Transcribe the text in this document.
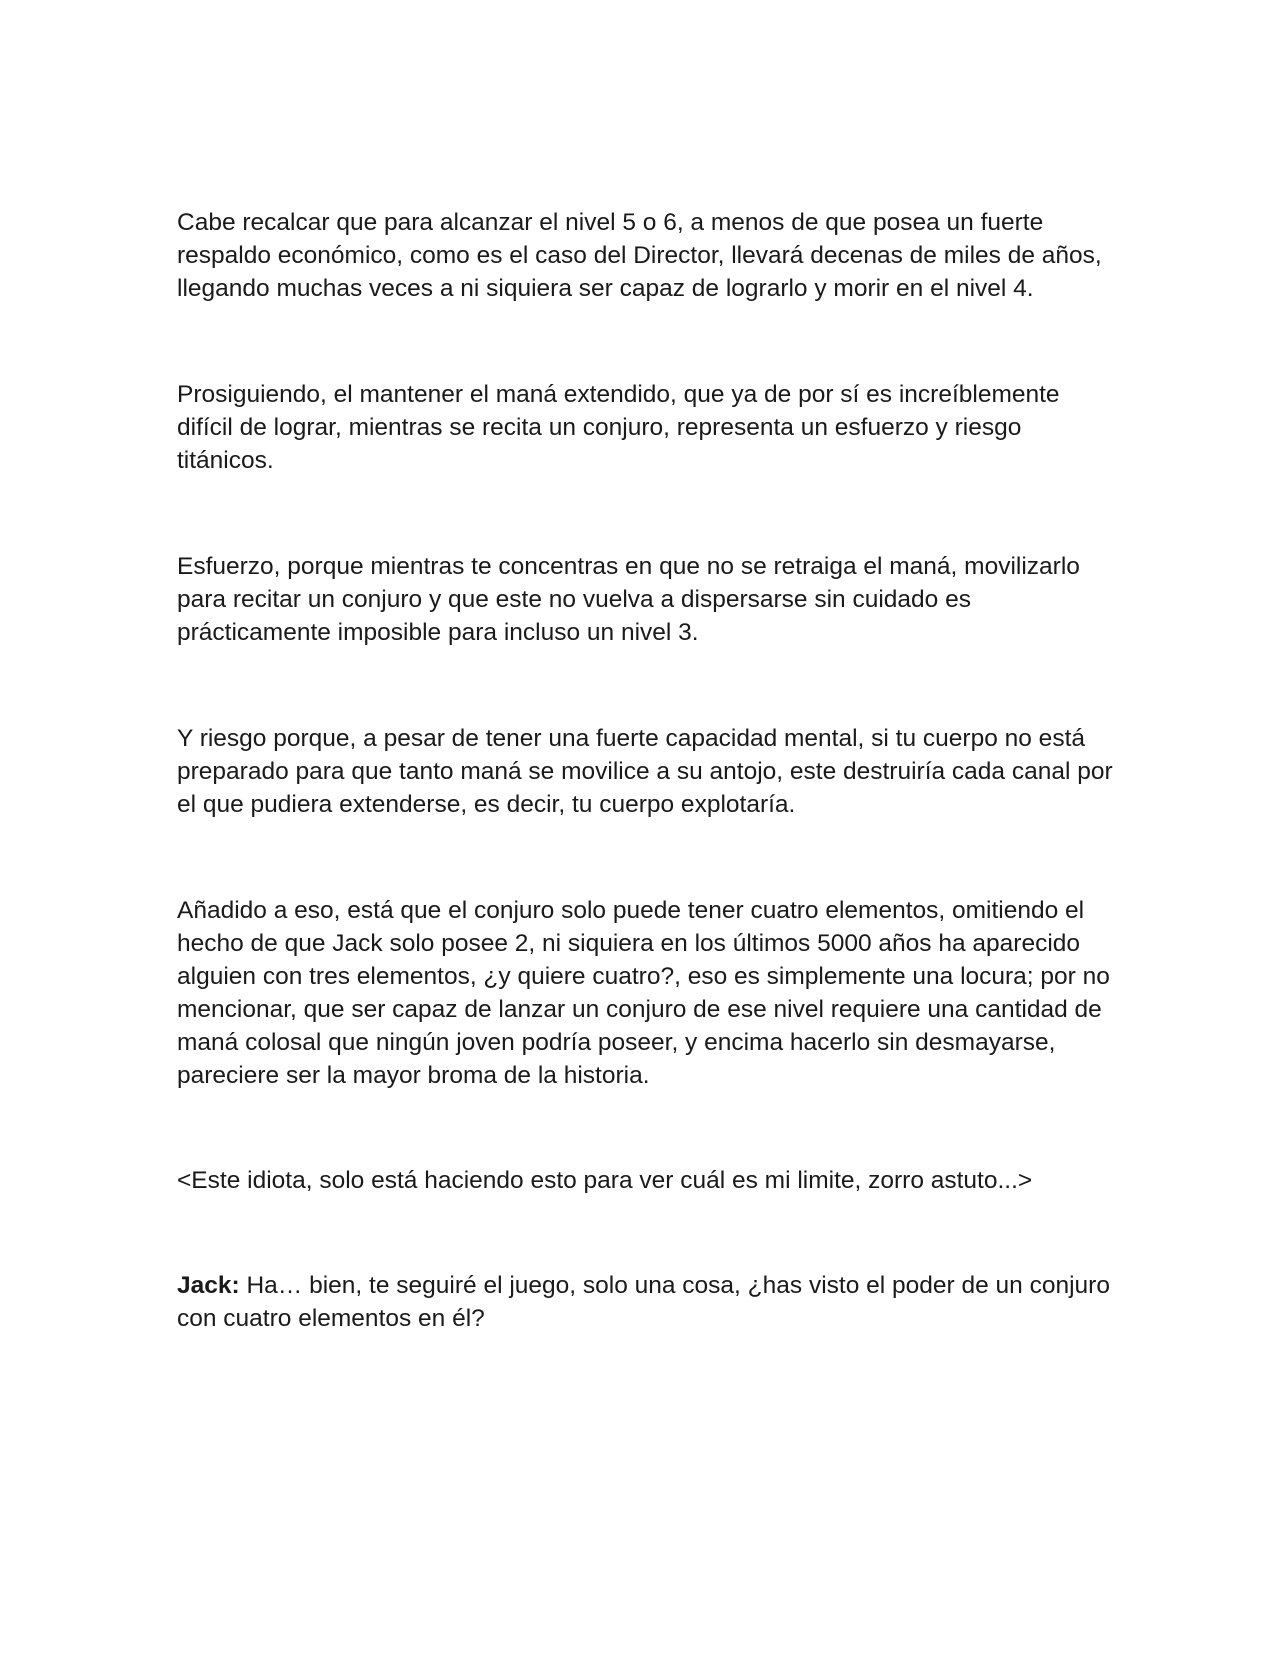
Cabe recalcar que para alcanzar el nivel 5 o 6, a menos de que posea un fuerte respaldo económico, como es el caso del Director, llevará decenas de miles de años, llegando muchas veces a ni siquiera ser capaz de lograrlo y morir en el nivel 4.

Prosiguiendo, el mantener el maná extendido, que ya de por sí es increíblemente difícil de lograr, mientras se recita un conjuro, representa un esfuerzo y riesgo titánicos.

Esfuerzo, porque mientras te concentras en que no se retraiga el maná, movilizarlo para recitar un conjuro y que este no vuelva a dispersarse sin cuidado es prácticamente imposible para incluso un nivel 3.

Y riesgo porque, a pesar de tener una fuerte capacidad mental, si tu cuerpo no está preparado para que tanto maná se movilice a su antojo, este destruiría cada canal por el que pudiera extenderse, es decir, tu cuerpo explotaría.

Añadido a eso, está que el conjuro solo puede tener cuatro elementos, omitiendo el hecho de que Jack solo posee 2, ni siquiera en los últimos 5000 años ha aparecido alguien con tres elementos, ¿y quiere cuatro?, eso es simplemente una locura; por no mencionar, que ser capaz de lanzar un conjuro de ese nivel requiere una cantidad de maná colosal que ningún joven podría poseer, y encima hacerlo sin desmayarse, pareciere ser la mayor broma de la historia.

<Este idiota, solo está haciendo esto para ver cuál es mi limite, zorro astuto...>

Jack: Ha… bien, te seguiré el juego, solo una cosa, ¿has visto el poder de un conjuro con cuatro elementos en él?
